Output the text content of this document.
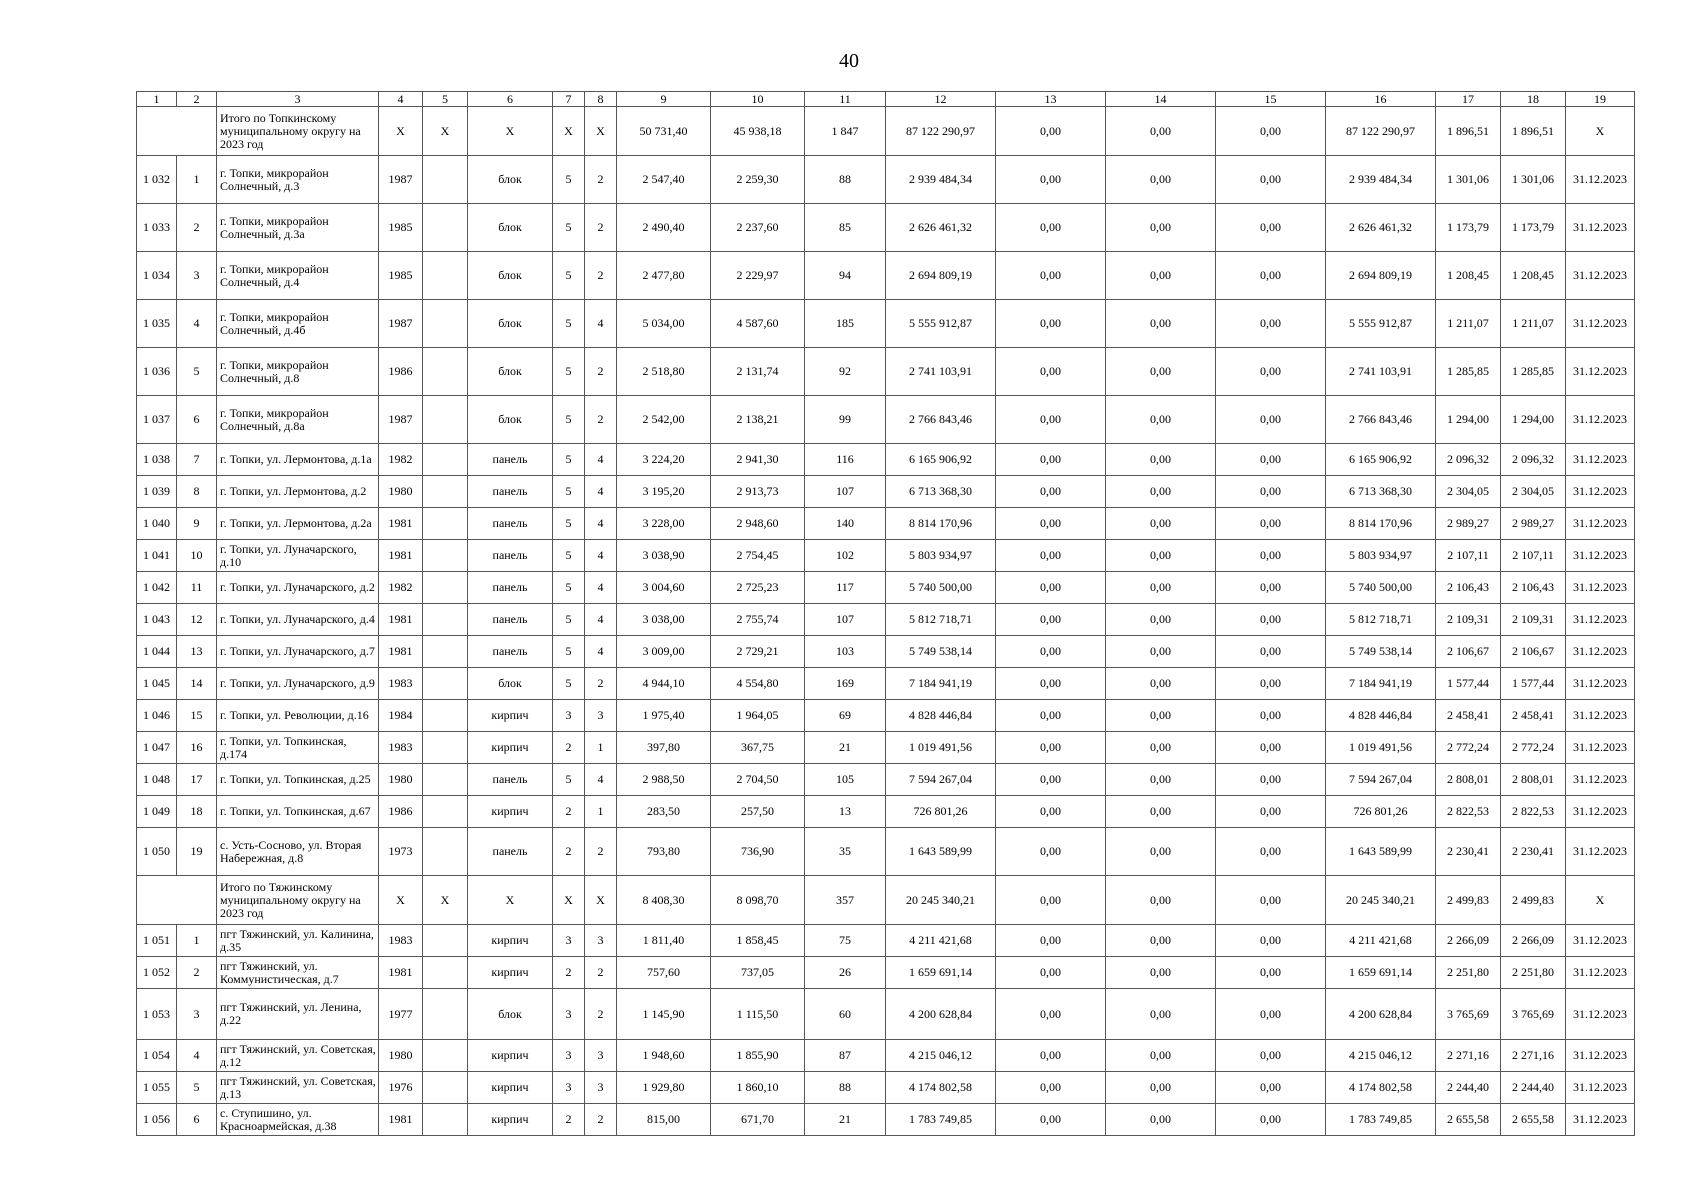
40
1	2	3	4	5	6	7	8	9	10	11	12	13	14	15	16	17	18	19
		Итого по Топкинскому муниципальному округу на 2023 год	Х	Х	Х	Х	Х	50 731,40	45 938,18	1 847	87 122 290,97	0,00	0,00	0,00	87 122 290,97	1 896,51	1 896,51	Х
1 032	1	г. Топки, микрорайон Солнечный, д.3	1987		блок	5	2	2 547,40	2 259,30	88	2 939 484,34	0,00	0,00	0,00	2 939 484,34	1 301,06	1 301,06	31.12.2023
1 033	2	г. Топки, микрорайон Солнечный, д.3а	1985		блок	5	2	2 490,40	2 237,60	85	2 626 461,32	0,00	0,00	0,00	2 626 461,32	1 173,79	1 173,79	31.12.2023
1 034	3	г. Топки, микрорайон Солнечный, д.4	1985		блок	5	2	2 477,80	2 229,97	94	2 694 809,19	0,00	0,00	0,00	2 694 809,19	1 208,45	1 208,45	31.12.2023
1 035	4	г. Топки, микрорайон Солнечный, д.4б	1987		блок	5	4	5 034,00	4 587,60	185	5 555 912,87	0,00	0,00	0,00	5 555 912,87	1 211,07	1 211,07	31.12.2023
1 036	5	г. Топки, микрорайон Солнечный, д.8	1986		блок	5	2	2 518,80	2 131,74	92	2 741 103,91	0,00	0,00	0,00	2 741 103,91	1 285,85	1 285,85	31.12.2023
1 037	6	г. Топки, микрорайон Солнечный, д.8а	1987		блок	5	2	2 542,00	2 138,21	99	2 766 843,46	0,00	0,00	0,00	2 766 843,46	1 294,00	1 294,00	31.12.2023
1 038	7	г. Топки, ул. Лермонтова, д.1а	1982		панель	5	4	3 224,20	2 941,30	116	6 165 906,92	0,00	0,00	0,00	6 165 906,92	2 096,32	2 096,32	31.12.2023
1 039	8	г. Топки, ул. Лермонтова, д.2	1980		панель	5	4	3 195,20	2 913,73	107	6 713 368,30	0,00	0,00	0,00	6 713 368,30	2 304,05	2 304,05	31.12.2023
1 040	9	г. Топки, ул. Лермонтова, д.2а	1981		панель	5	4	3 228,00	2 948,60	140	8 814 170,96	0,00	0,00	0,00	8 814 170,96	2 989,27	2 989,27	31.12.2023
1 041	10	г. Топки, ул. Луначарского, д.10	1981		панель	5	4	3 038,90	2 754,45	102	5 803 934,97	0,00	0,00	0,00	5 803 934,97	2 107,11	2 107,11	31.12.2023
1 042	11	г. Топки, ул. Луначарского, д.2	1982		панель	5	4	3 004,60	2 725,23	117	5 740 500,00	0,00	0,00	0,00	5 740 500,00	2 106,43	2 106,43	31.12.2023
1 043	12	г. Топки, ул. Луначарского, д.4	1981		панель	5	4	3 038,00	2 755,74	107	5 812 718,71	0,00	0,00	0,00	5 812 718,71	2 109,31	2 109,31	31.12.2023
1 044	13	г. Топки, ул. Луначарского, д.7	1981		панель	5	4	3 009,00	2 729,21	103	5 749 538,14	0,00	0,00	0,00	5 749 538,14	2 106,67	2 106,67	31.12.2023
1 045	14	г. Топки, ул. Луначарского, д.9	1983		блок	5	2	4 944,10	4 554,80	169	7 184 941,19	0,00	0,00	0,00	7 184 941,19	1 577,44	1 577,44	31.12.2023
1 046	15	г. Топки, ул. Революции, д.16	1984		кирпич	3	3	1 975,40	1 964,05	69	4 828 446,84	0,00	0,00	0,00	4 828 446,84	2 458,41	2 458,41	31.12.2023
1 047	16	г. Топки, ул. Топкинская, д.174	1983		кирпич	2	1	397,80	367,75	21	1 019 491,56	0,00	0,00	0,00	1 019 491,56	2 772,24	2 772,24	31.12.2023
1 048	17	г. Топки, ул. Топкинская, д.25	1980		панель	5	4	2 988,50	2 704,50	105	7 594 267,04	0,00	0,00	0,00	7 594 267,04	2 808,01	2 808,01	31.12.2023
1 049	18	г. Топки, ул. Топкинская, д.67	1986		кирпич	2	1	283,50	257,50	13	726 801,26	0,00	0,00	0,00	726 801,26	2 822,53	2 822,53	31.12.2023
1 050	19	с. Усть-Сосново, ул. Вторая Набережная, д.8	1973		панель	2	2	793,80	736,90	35	1 643 589,99	0,00	0,00	0,00	1 643 589,99	2 230,41	2 230,41	31.12.2023
		Итого по Тяжинскому муниципальному округу на 2023 год	Х	Х	Х	Х	Х	8 408,30	8 098,70	357	20 245 340,21	0,00	0,00	0,00	20 245 340,21	2 499,83	2 499,83	Х
1 051	1	пгт Тяжинский, ул. Калинина, д.35	1983		кирпич	3	3	1 811,40	1 858,45	75	4 211 421,68	0,00	0,00	0,00	4 211 421,68	2 266,09	2 266,09	31.12.2023
1 052	2	пгт Тяжинский, ул. Коммунистическая, д.7	1981		кирпич	2	2	757,60	737,05	26	1 659 691,14	0,00	0,00	0,00	1 659 691,14	2 251,80	2 251,80	31.12.2023
1 053	3	пгт Тяжинский, ул. Ленина, д.22	1977		блок	3	2	1 145,90	1 115,50	60	4 200 628,84	0,00	0,00	0,00	4 200 628,84	3 765,69	3 765,69	31.12.2023
1 054	4	пгт Тяжинский, ул. Советская, д.12	1980		кирпич	3	3	1 948,60	1 855,90	87	4 215 046,12	0,00	0,00	0,00	4 215 046,12	2 271,16	2 271,16	31.12.2023
1 055	5	пгт Тяжинский, ул. Советская, д.13	1976		кирпич	3	3	1 929,80	1 860,10	88	4 174 802,58	0,00	0,00	0,00	4 174 802,58	2 244,40	2 244,40	31.12.2023
1 056	6	с. Ступишино, ул. Красноармейская, д.38	1981		кирпич	2	2	815,00	671,70	21	1 783 749,85	0,00	0,00	0,00	1 783 749,85	2 655,58	2 655,58	31.12.2023
